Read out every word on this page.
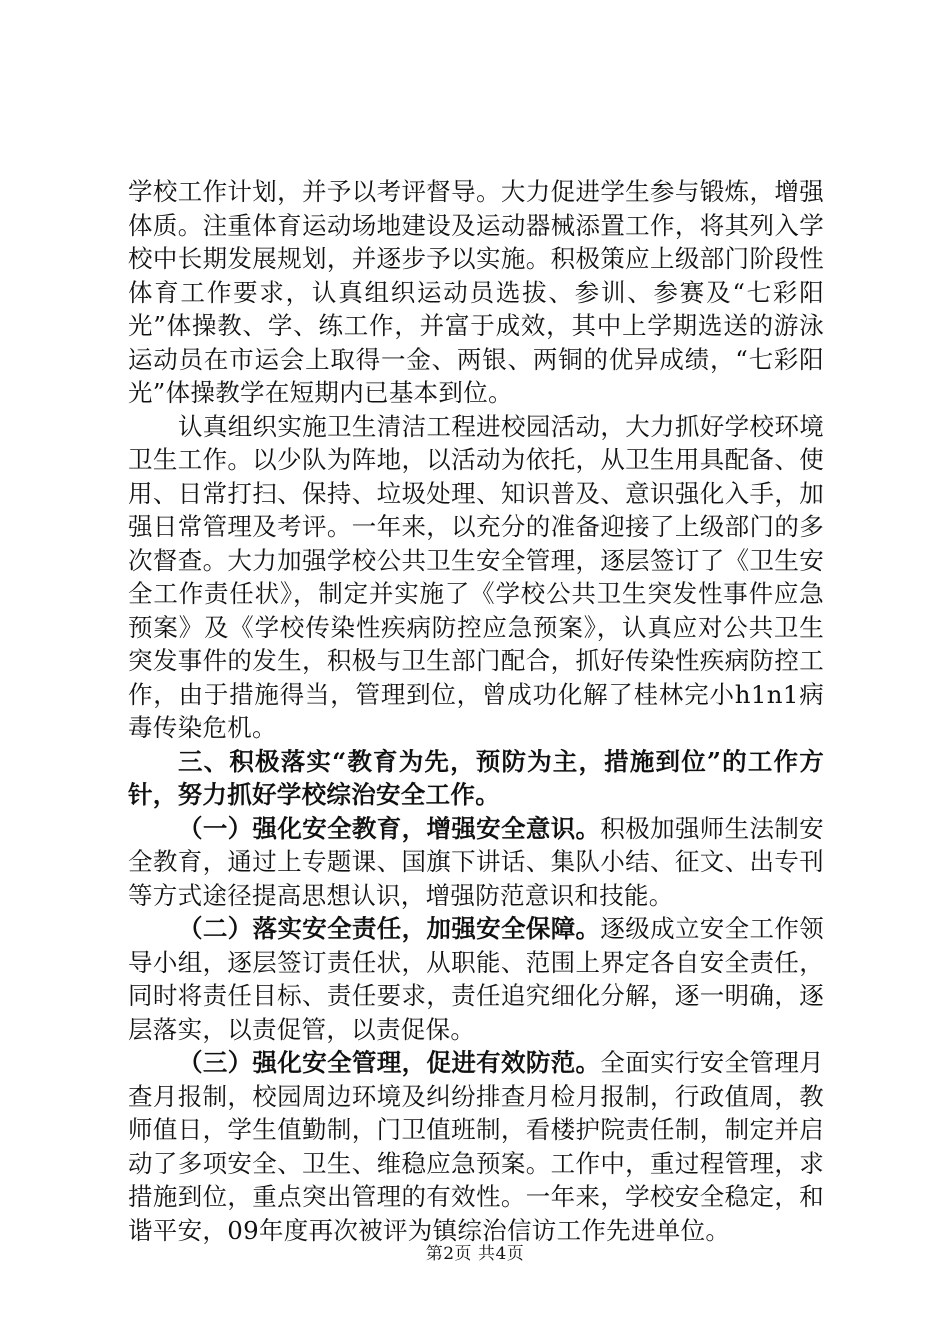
学校工作计划，并予以考评督导。大力促进学生参与锻炼，增强体质。注重体育运动场地建设及运动器械添置工作，将其列入学校中长期发展规划，并逐步予以实施。积极策应上级部门阶段性体育工作要求，认真组织运动员选拔、参训、参赛及“七彩阳光”体操教、学、练工作，并富于成效，其中上学期选送的游泳运动员在市运会上取得一金、两银、两铜的优异成绩，“七彩阳光”体操教学在短期内已基本到位。

认真组织实施卫生清洁工程进校园活动，大力抓好学校环境卫生工作。以少队为阵地，以活动为依托，从卫生用具配备、使用、日常打扫、保持、垃圾处理、知识普及、意识强化入手，加强日常管理及考评。一年来，以充分的准备迎接了上级部门的多次督查。大力加强学校公共卫生安全管理，逐层签订了《卫生安全工作责任状》，制定并实施了《学校公共卫生突发性事件应急预案》及《学校传染性疾病防控应急预案》，认真应对公共卫生突发事件的发生，积极与卫生部门配合，抓好传染性疾病防控工作，由于措施得当，管理到位，曾成功化解了桂林完小h1n1病毒传染危机。

三、积极落实“教育为先，预防为主，措施到位”的工作方针，努力抓好学校综治安全工作。

（一）强化安全教育，增强安全意识。积极加强师生法制安全教育，通过上专题课、国旗下讲话、集队小结、征文、出专刊等方式途径提高思想认识，增强防范意识和技能。

（二）落实安全责任，加强安全保障。逐级成立安全工作领导小组，逐层签订责任状，从职能、范围上界定各自安全责任，同时将责任目标、责任要求，责任追究细化分解，逐一明确，逐层落实，以责促管，以责促保。

（三）强化安全管理，促进有效防范。全面实行安全管理月查月报制，校园周边环境及纠纷排查月检月报制，行政值周，教师值日，学生值勤制，门卫值班制，看楼护院责任制，制定并启动了多项安全、卫生、维稳应急预案。工作中，重过程管理，求措施到位，重点突出管理的有效性。一年来，学校安全稳定，和谐平安，09年度再次被评为镇综治信访工作先进单位。

第2页 共4页
